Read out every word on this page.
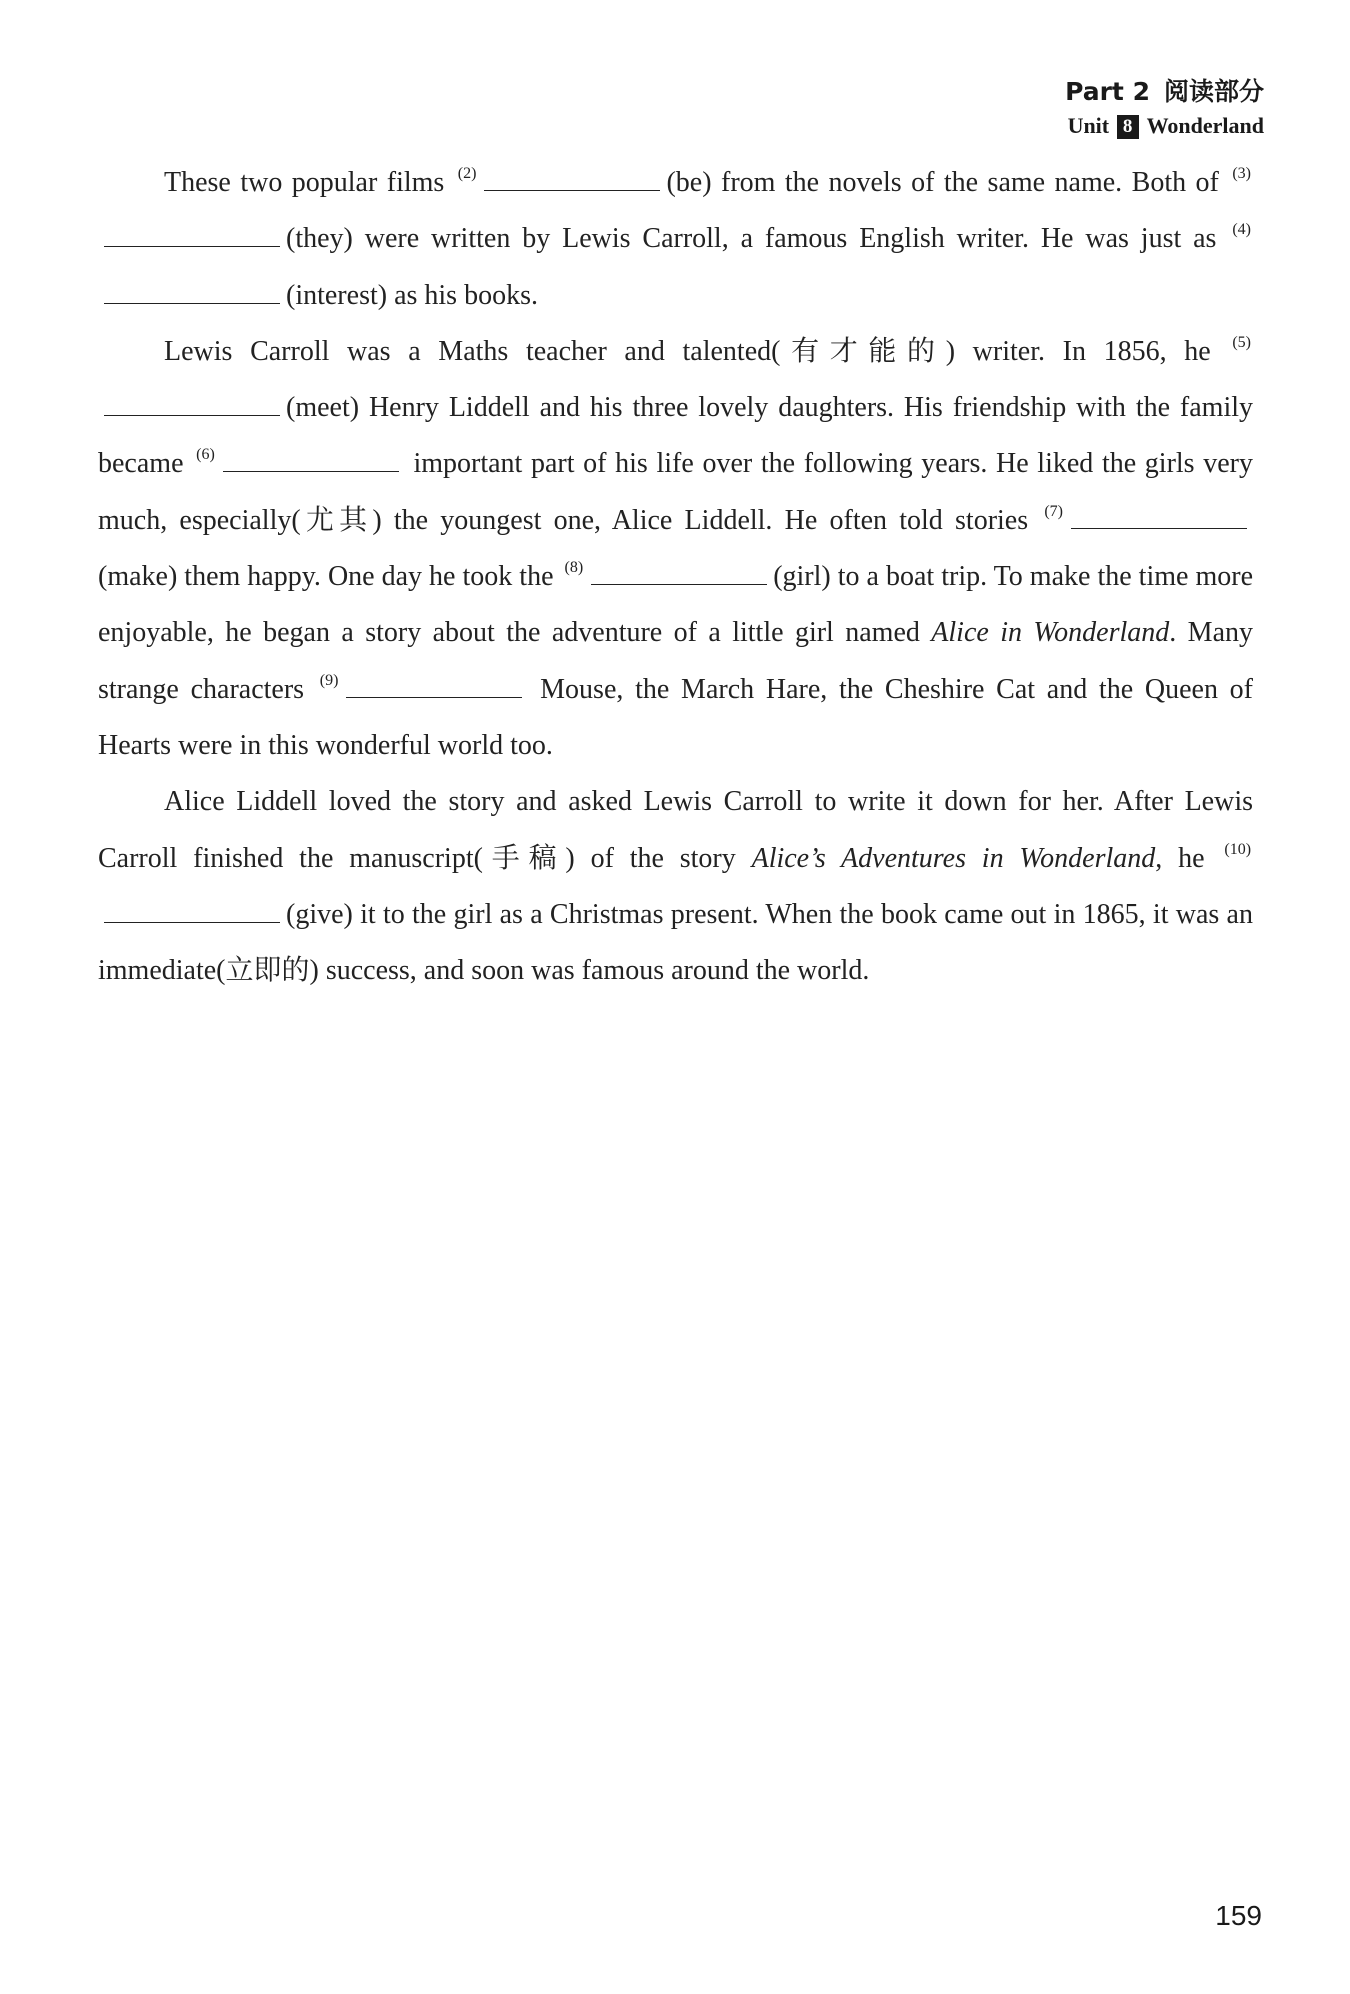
Part 2 阅读部分
Unit 8 Wonderland

These two popular films $^{(2)}$	(be) from the novels of the same name. Both of $^{(3)}$(they) were written by Lewis Carroll, a famous English writer. He was just as $^{(4)}$(interest) as his books.

Lewis Carroll was a Maths teacher and talented(有才能的) writer. In 1856, he $^{(5)}$(meet) Henry Liddell and his three lovely daughters. His friendship with the family became $^{(6)}$	important part of his life over the following years. He liked the girls very much, especially(尤其) the youngest one, Alice Liddell. He often told stories $^{(7)}$(make) them happy. One day he took the $^{(8)}$	(girl) to a boat trip. To make the time more enjoyable, he began a story about the adventure of a little girl named Alice in Wonderland. Many strange characters $^{(9)}$	Mouse, the March Hare, the Cheshire Cat and the Queen of Hearts were in this wonderful world too.

Alice Liddell loved the story and asked Lewis Carroll to write it down for her. After Lewis Carroll finished the manuscript(手稿) of the story Alice’s Adventures in Wonderland, he $^{(10)}$(give) it to the girl as a Christmas present. When the book came out in 1865, it was an immediate(立即的) success, and soon was famous around the world.

159
